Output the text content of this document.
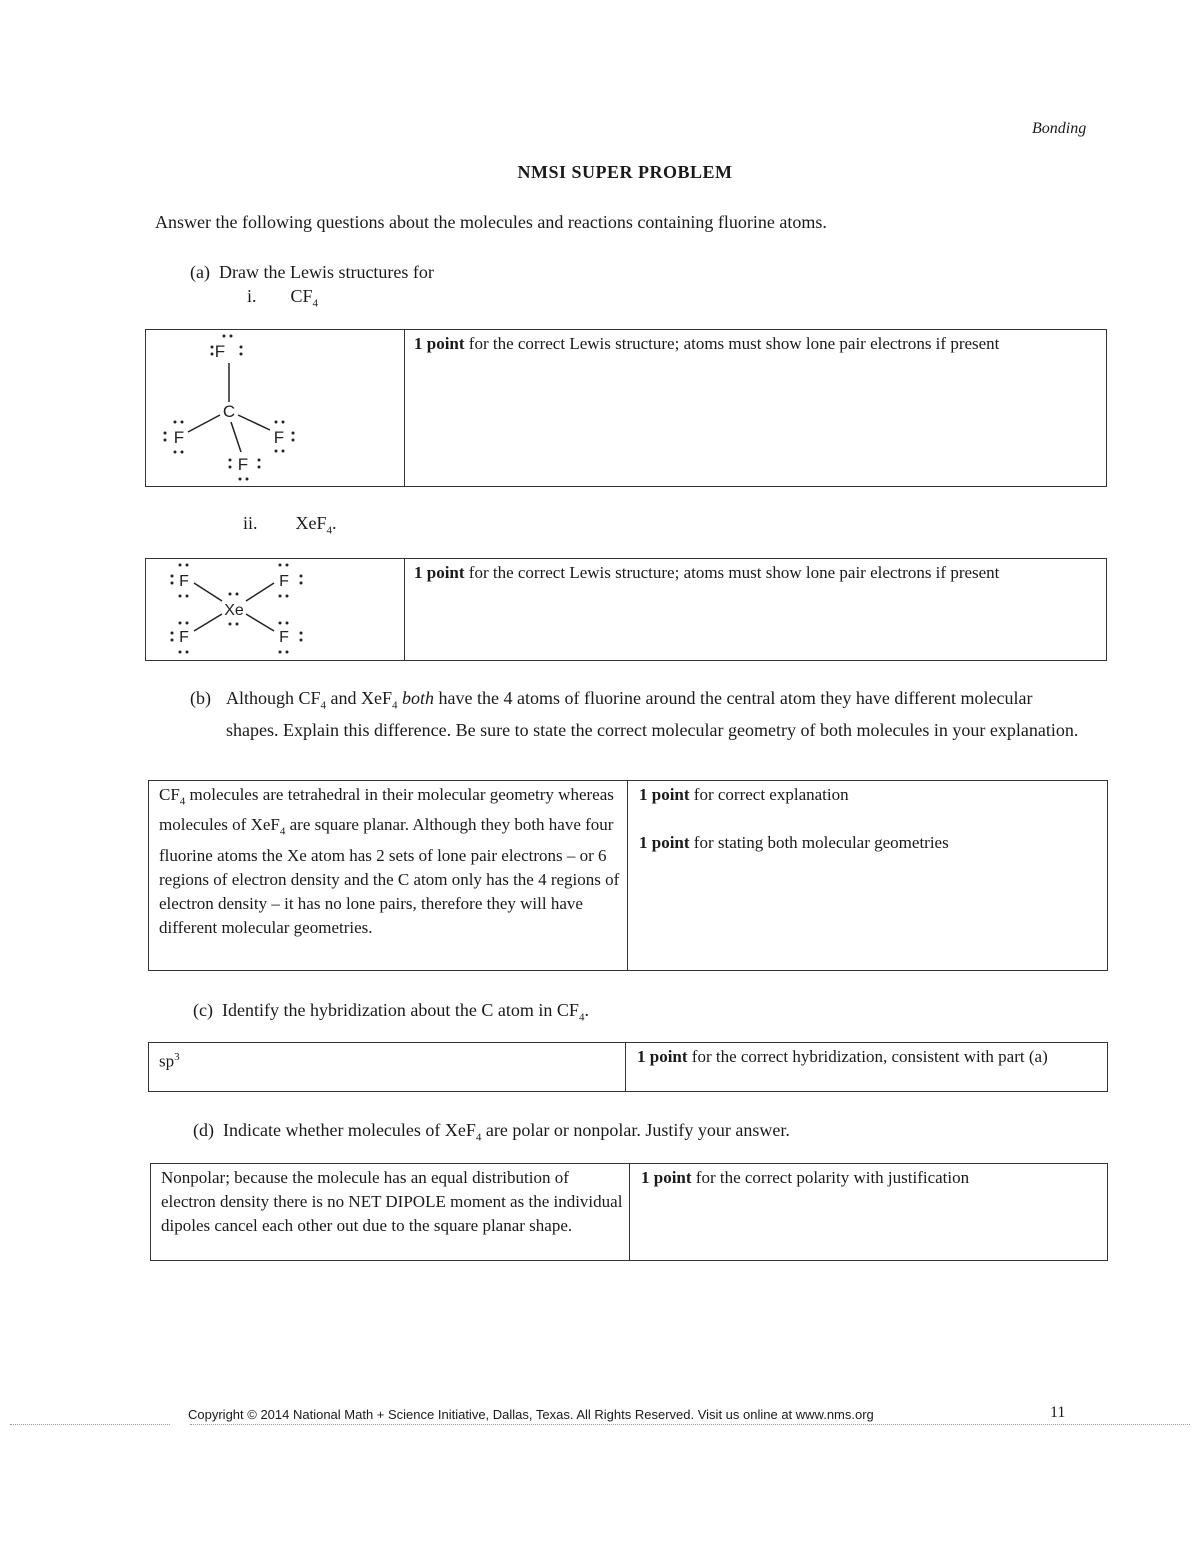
Bonding
NMSI SUPER PROBLEM
Answer the following questions about the molecules and reactions containing fluorine atoms.
(a) Draw the Lewis structures for
i. $CF_4$
F
C
F	F
F
1 point for the correct Lewis structure; atoms must show lone pair electrons if present
ii. XeF$_4$.
F	F
Xe
F	F
1 point for the correct Lewis structure; atoms must show lone pair electrons if present
(b) Although $CF_4$ and XeF$_4$ both have the 4 atoms of fluorine around the central atom they have different molecular shapes. Explain this difference. Be sure to state the correct molecular geometry of both molecules in your explanation.
$CF_4$ molecules are tetrahedral in their molecular geometry whereas molecules of XeF$_4$ are square planar. Although they both have four fluorine atoms the Xe atom has 2 sets of lone pair electrons – or 6 regions of electron density and the C atom only has the 4 regions of electron density – it has no lone pairs, therefore they will have different molecular geometries.
1 point for correct explanation
1 point for stating both molecular geometries
(c) Identify the hybridization about the C atom in $CF_4$.
$sp^3$	1 point for the correct hybridization, consistent with part (a)
(d) Indicate whether molecules of XeF$_4$ are polar or nonpolar. Justify your answer.
Nonpolar; because the molecule has an equal distribution of electron density there is no NET DIPOLE moment as the individual dipoles cancel each other out due to the square planar shape.
1 point for the correct polarity with justification
Copyright © 2014 National Math + Science Initiative, Dallas, Texas. All Rights Reserved. Visit us online at www.nms.org	11
